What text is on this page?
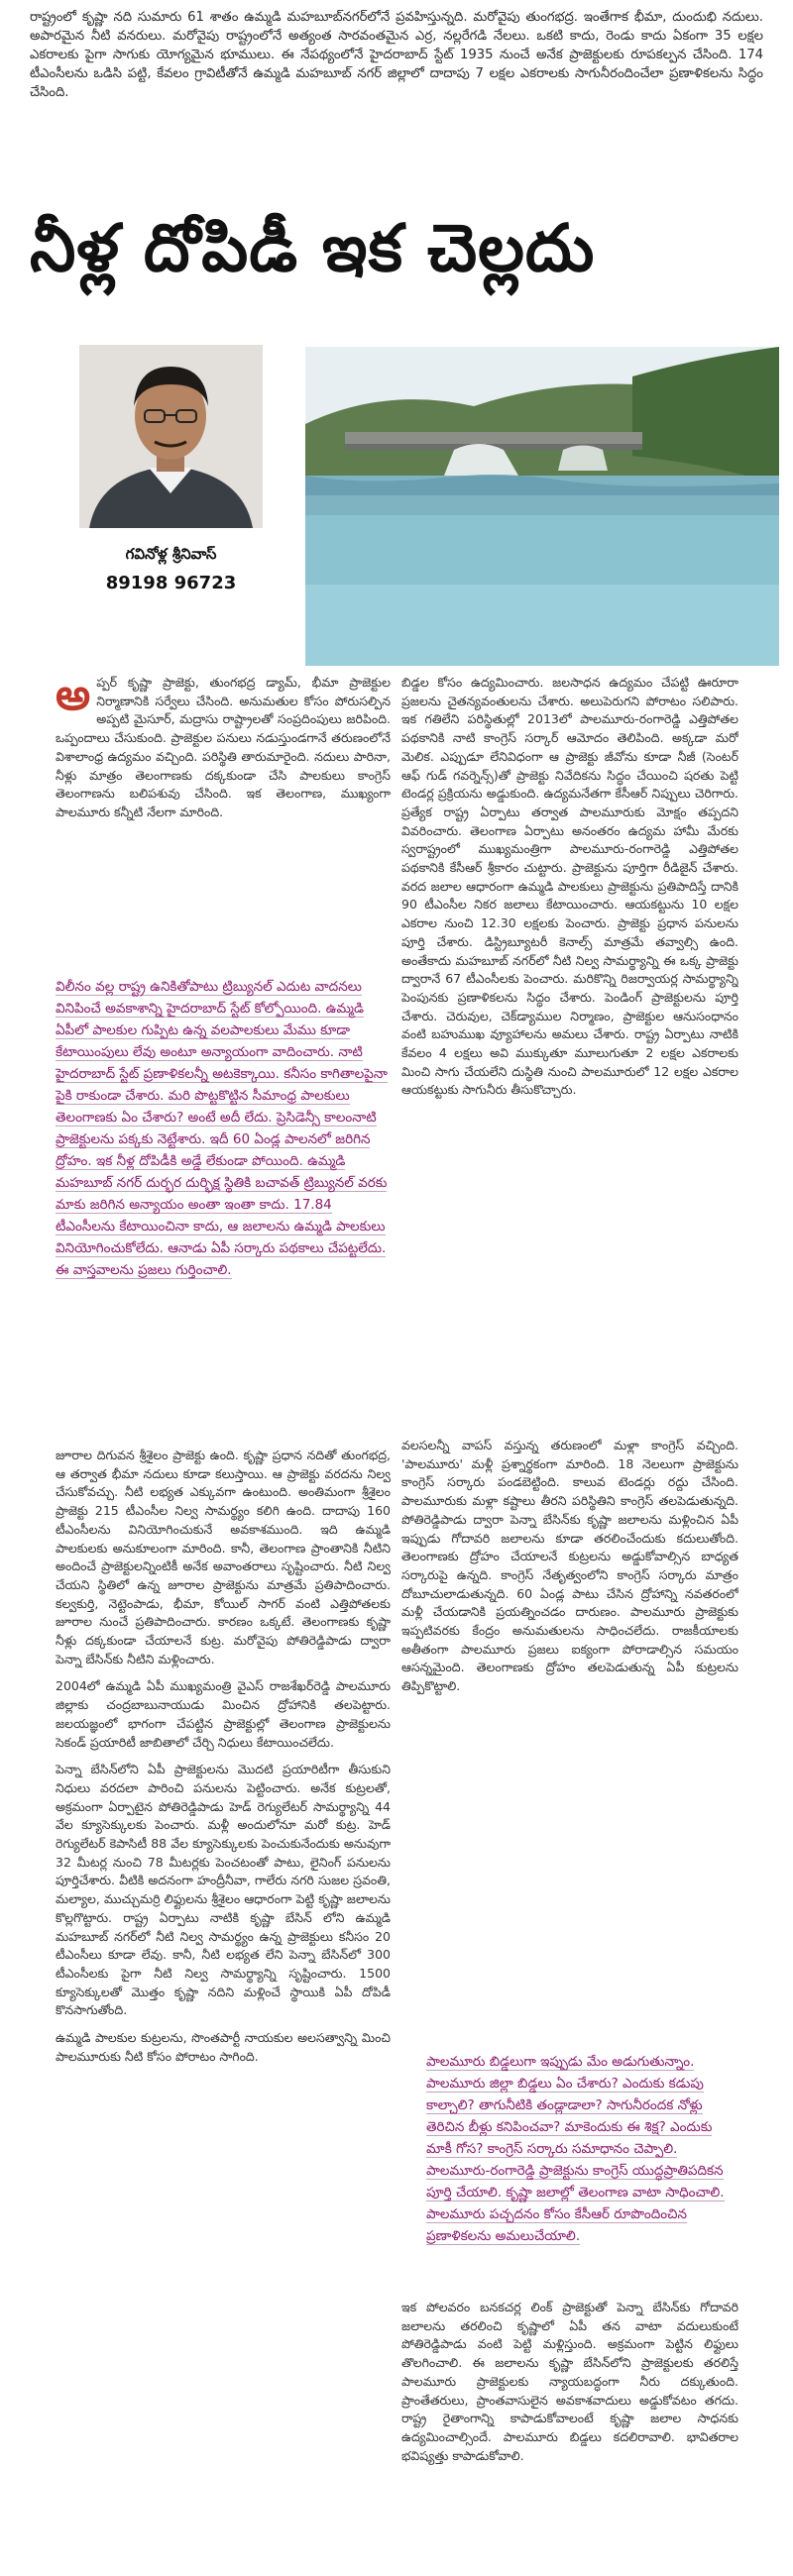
రాష్ట్రంలో కృష్ణా నది సుమారు 61 శాతం ఉమ్మడి మహబూబ్‌నగర్‌లోనే ప్రవహిస్తున్నది. మరోవైపు తుంగభద్ర. ఇంతేగాక భీమా, దుందుభి నదులు. అపారమైన నీటి వనరులు. మరోవైపు రాష్ట్రంలోనే అత్యంత సారవంతమైన ఎర్ర, నల్లరేగడి నేలలు. ఒకటి కాదు, రెండు కాదు ఏకంగా 35 లక్షల ఎకరాలకు పైగా సాగుకు యోగ్యమైన భూములు. ఈ నేపథ్యంలోనే హైదరాబాద్ స్టేట్ 1935 నుంచే అనేక ప్రాజెక్టులకు రూపకల్పన చేసింది. 174 టీఎంసీలను ఒడిసి పట్టి, కేవలం గ్రావిటీతోనే ఉమ్మడి మహబూబ్ నగర్ జిల్లాలో దాదాపు 7 లక్షల ఎకరాలకు సాగునీరందించేలా ప్రణాళికలను సిద్ధం చేసింది.

నీళ్ల దోపిడీ ఇక చెల్లదు
గవినోళ్ల శ్రీనివాస్
89198 96723
అ ప్పర్ కృష్ణా ప్రాజెక్టు, తుంగభద్ర డ్యామ్, భీమా ప్రాజెక్టుల నిర్మాణానికి సర్వేలు చేసింది. అనుమతుల కోసం పోరుసల్పిన అప్పటి మైసూర్, మద్రాసు రాష్ట్రాలతో సంప్రదింపులు జరిపింది. ఒప్పందాలు చేసుకుంది. ప్రాజెక్టుల పనులు నడుస్తుండగానే తరుణంలోనే విశాలాంధ్ర ఉద్యమం వచ్చింది. పరిస్థితి తారుమారైంది. నదులు పారినా, నీళ్లు మాత్రం తెలంగాణకు దక్కకుండా చేసి పాలకులు కాంగ్రెస్ తెలంగాణను బలిపశువు చేసింది. ఇక తెలంగాణ, ముఖ్యంగా పాలమూరు కన్నీటి నేలగా మారింది.
విలీనం వల్ల రాష్ట్ర ఉనికితోపాటు ట్రిబ్యునల్ ఎదుట వాదనలు వినిపించే అవకాశాన్ని హైదరాబాద్ స్టేట్ కోల్పోయింది. ఉమ్మడి ఏపీలో పాలకుల గుప్పిట ఉన్న వలపాలకులు మేము కూడా కేటాయింపులు లేవు అంటూ అన్యాయంగా వాదించారు. నాటి హైదరాబాద్ స్టేట్ ప్రణాళికలన్నీ అటకెక్కాయి. కనీసం కాగితాలపైనా పైకి రాకుండా చేశారు. మరి పొట్టకొట్టిన సీమాంధ్ర పాలకులు తెలంగాణకు ఏం చేశారు? అంటే అదీ లేదు. ప్రెసిడెన్సీ కాలంనాటి ప్రాజెక్టులను పక్కకు నెట్టేశారు. ఇదీ 60 ఏండ్ల పాలనలో జరిగిన ద్రోహం. ఇక నీళ్ల దోపిడీకి అడ్డే లేకుండా పోయింది. ఉమ్మడి మహబూబ్ నగర్ దుర్భర దుర్భిక్ష స్థితికి బచావత్ ట్రిబ్యునల్ వరకు మాకు జరిగిన అన్యాయం అంతా ఇంతా కాదు. 17.84 టీఎంసీలను కేటాయించినా కాదు, ఆ జలాలను ఉమ్మడి పాలకులు వినియోగించుకోలేదు. ఆనాడు ఏపీ సర్కారు పథకాలు చేపట్టలేదు. ఈ వాస్తవాలను ప్రజలు గుర్తించాలి.

జూరాల దిగువన శ్రీశైలం ప్రాజెక్టు ఉంది. కృష్ణా ప్రధాన నదితో తుంగభద్ర, ఆ తర్వాత భీమా నదులు కూడా కలుస్తాయి. ఆ ప్రాజెక్టు వరదను నిల్వ చేసుకోవచ్చు. నీటి లభ్యత ఎక్కువగా ఉంటుంది. అంతిమంగా శ్రీశైలం ప్రాజెక్టు 215 టీఎంసీల నిల్వ సామర్థ్యం కలిగి ఉంది. దాదాపు 160 టీఎంసీలను వినియోగించుకునే అవకాశముంది. ఇది ఉమ్మడి పాలకులకు అనుకూలంగా మారింది. కానీ, తెలంగాణ ప్రాంతానికి నీటిని అందించే ప్రాజెక్టులన్నింటికీ అనేక అవాంతరాలు సృష్టించారు. నీటి నిల్వ చేయని స్థితిలో ఉన్న జూరాల ప్రాజెక్టును మాత్రమే ప్రతిపాదించారు. కల్వకుర్తి, నెట్టెంపాడు, భీమా, కోయిల్ సాగర్ వంటి ఎత్తిపోతలకు జూరాల నుంచే ప్రతిపాదించారు. కారణం ఒక్కటే. తెలంగాణకు కృష్ణా నీళ్లు దక్కకుండా చేయాలనే కుట్ర. మరోవైపు పోతిరెడ్డిపాడు ద్వారా పెన్నా బేసిన్‌కు నీటిని మళ్లించారు.

2004లో ఉమ్మడి ఏపీ ముఖ్యమంత్రి వైఎస్ రాజశేఖర్‌రెడ్డి పాలమూరు జిల్లాకు చంద్రబాబునాయుడు మించిన ద్రోహానికి తలపెట్టారు. జలయజ్ఞంలో భాగంగా చేపట్టిన ప్రాజెక్టుల్లో తెలంగాణ ప్రాజెక్టులను సెకండ్ ప్రయారిటీ జాబితాలో చేర్చి నిధులు కేటాయించలేదు.

పెన్నా బేసిన్‌లోని ఏపీ ప్రాజెక్టులను మొదటి ప్రయారిటీగా తీసుకుని నిధులు వరదలా పారించి పనులను పెట్టించారు. అనేక కుట్రలతో, అక్రమంగా ఏర్పాటైన పోతిరెడ్డిపాడు హెడ్ రెగ్యులేటర్ సామర్థ్యాన్ని 44 వేల క్యూసెక్కులకు పెంచారు. మళ్లీ అందులోనూ మరో కుట్ర. హెడ్ రెగ్యులేటర్ కెపాసిటీ 88 వేల క్యూసెక్కులకు పెంచుకునేందుకు అనువుగా 32 మీటర్ల నుంచి 78 మీటర్లకు పెంచటంతో పాటు, లైనింగ్ పనులను పూర్తిచేశారు. వీటికి అదనంగా హంద్రీనీవా, గాలేరు నగరి సుజల స్రవంతి, మల్యాల, ముచ్చుమర్రి లిఫ్టులను శ్రీశైలం ఆధారంగా పెట్టి కృష్ణా జలాలను కొల్లగొట్టారు. రాష్ట్ర ఏర్పాటు నాటికి కృష్ణా బేసిన్ లోని ఉమ్మడి మహబూబ్ నగర్‌లో నీటి నిల్వ సామర్థ్యం ఉన్న ప్రాజెక్టులు కనీసం 20 టీఎంసీలు కూడా లేవు. కానీ, నీటి లభ్యత లేని పెన్నా బేసిన్‌లో 300 టీఎంసీలకు పైగా నీటి నిల్వ సామర్థ్యాన్ని సృష్టించారు. 1500 క్యూసెక్కులతో మొత్తం కృష్ణా నదిని మళ్లించే స్థాయికి ఏపీ దోపిడీ కొనసాగుతోంది.

ఉమ్మడి పాలకుల కుట్రలను, సొంతపార్టీ నాయకుల అలసత్వాన్ని మించి పాలమూరుకు నీటి కోసం పోరాటం సాగింది.

బిడ్డల కోసం ఉద్యమించారు. జలసాధన ఉద్యమం చేపట్టి ఊరూరా ప్రజలను చైతన్యవంతులను చేశారు. అలుపెరుగని పోరాటం సలిపారు. ఇక గతిలేని పరిస్థితుల్లో 2013లో పాలమూరు-రంగారెడ్డి ఎత్తిపోతల పథకానికి నాటి కాంగ్రెస్ సర్కార్ ఆమోదం తెలిపింది. అక్కడా మరో మెలిక. ఎప్పుడూ లేనివిధంగా ఆ ప్రాజెక్టు జీవోను కూడా నీజీ (సెంటర్ ఆఫ్ గుడ్ గవర్నెన్స్)తో ప్రాజెక్టు నివేదికను సిద్ధం చేయించి షరతు పెట్టి టెండర్ల ప్రక్రియను అడ్డుకుంది. ఉద్యమనేతగా కేసీఆర్ నిప్పులు చెరిగారు. ప్రత్యేక రాష్ట్ర ఏర్పాటు తర్వాత పాలమూరుకు మోక్షం తప్పదని వివరించారు. తెలంగాణ ఏర్పాటు అనంతరం ఉద్యమ హామీ మేరకు స్వరాష్ట్రంలో ముఖ్యమంత్రిగా పాలమూరు-రంగారెడ్డి ఎత్తిపోతల పథకానికి కేసీఆర్ శ్రీకారం చుట్టారు. ప్రాజెక్టును పూర్తిగా రీడిజైన్ చేశారు. వరద జలాల ఆధారంగా ఉమ్మడి పాలకులు ప్రాజెక్టును ప్రతిపాదిస్తే దానికి 90 టీఎంసీల నికర జలాలు కేటాయించారు. ఆయకట్టును 10 లక్షల ఎకరాల నుంచి 12.30 లక్షలకు పెంచారు. ప్రాజెక్టు ప్రధాన పనులను పూర్తి చేశారు. డిస్ట్రిబ్యూటరీ కెనాల్స్ మాత్రమే తవ్వాల్సి ఉంది. అంతేకాదు మహబూబ్ నగర్‌లో నీటి నిల్వ సామర్థ్యాన్ని ఈ ఒక్క ప్రాజెక్టు ద్వారానే 67 టీఎంసీలకు పెంచారు. మరికొన్ని రిజర్వాయర్ల సామర్థ్యాన్ని పెంపునకు ప్రణాళికలను సిద్ధం చేశారు. పెండింగ్ ప్రాజెక్టులను పూర్తి చేశారు. చెరువుల, చెక్‌డ్యాముల నిర్మాణం, ప్రాజెక్టుల ఆనుసంధానం వంటి బహుముఖ వ్యూహాలను అమలు చేశారు. రాష్ట్ర ఏర్పాటు నాటికి కేవలం 4 లక్షలు అవి ముక్కుతూ మూలుగుతూ 2 లక్షల ఎకరాలకు మించి సాగు చేయలేని దుస్థితి నుంచి పాలమూరులో 12 లక్షల ఎకరాల ఆయకట్టుకు సాగునీరు తీసుకొచ్చారు.

వలసలన్నీ వాపస్ వస్తున్న తరుణంలో మళ్లా కాంగ్రెస్ వచ్చింది. 'పాలమూరు' మళ్లీ ప్రశ్నార్థకంగా మారింది. 18 నెలలుగా ప్రాజెక్టును కాంగ్రెస్ సర్కారు పండబెట్టింది. కాలువ టెండర్లు రద్దు చేసింది. పాలమూరుకు మళ్లా కష్టాలు తీరని పరిస్థితిని కాంగ్రెస్ తలపెడుతున్నది. పోతిరెడ్డిపాడు ద్వారా పెన్నా బేసిన్‌కు కృష్ణా జలాలను మళ్లించిన ఏపీ ఇప్పుడు గోదావరి జలాలను కూడా తరలించేందుకు కదులుతోంది. తెలంగాణకు ద్రోహం చేయాలనే కుట్రలను అడ్డుకోవాల్సిన బాధ్యత సర్కారుపై ఉన్నది. కాంగ్రెస్ నేతృత్వంలోని కాంగ్రెస్ సర్కారు మాత్రం దోబూచులాడుతున్నది. 60 ఏండ్ల పాటు చేసిన ద్రోహాన్ని నవతరంలో మళ్లీ చేయడానికి ప్రయత్నించడం దారుణం. పాలమూరు ప్రాజెక్టుకు ఇప్పటివరకు కేంద్రం అనుమతులను సాధించలేదు. రాజకీయాలకు అతీతంగా పాలమూరు ప్రజలు ఐక్యంగా పోరాడాల్సిన సమయం ఆసన్నమైంది. తెలంగాణకు ద్రోహం తలపెడుతున్న ఏపీ కుట్రలను తిప్పికొట్టాలి.

పాలమూరు బిడ్డలుగా ఇప్పుడు మేం అడుగుతున్నాం. పాలమూరు జిల్లా బిడ్డలు ఏం చేశారు? ఎందుకు కడుపు కాల్చాలి? తాగునీటికి తండ్లాడాలా? సాగునీరందక నోళ్లు తెరిచిన బీళ్లు కనిపించవా? మాకెందుకు ఈ శిక్ష? ఎందుకు మాకీ గోస? కాంగ్రెస్ సర్కారు సమాధానం చెప్పాలి. పాలమూరు-రంగారెడ్డి ప్రాజెక్టును కాంగ్రెస్ యుద్ధప్రాతిపదికన పూర్తి చేయాలి. కృష్ణా జలాల్లో తెలంగాణ వాటా సాధించాలి. పాలమూరు పచ్చదనం కోసం కేసీఆర్ రూపొందించిన ప్రణాళికలను అమలుచేయాలి.

ఇక పోలవరం బనకచర్ల లింక్ ప్రాజెక్టుతో పెన్నా బేసిన్‌కు గోదావరి జలాలను తరలించి కృష్ణాలో ఏపీ తన వాటా వదులుకుంటే పోతిరెడ్డిపాడు వంటి పెట్టి మళ్లిస్తుంది. అక్రమంగా పెట్టిన లిఫ్టులు తొలగించాలి. ఈ జలాలను కృష్ణా బేసిన్‌లోని ప్రాజెక్టులకు తరలిస్తే పాలమూరు ప్రాజెక్టులకు న్యాయబద్ధంగా నీరు దక్కుతుంది. ప్రాంతేతరులు, ప్రాంతవాసులైన అవకాశవాదులు అడ్డుకోవటం తగదు. రాష్ట్ర రైతాంగాన్ని కాపాడుకోవాలంటే కృష్ణా జలాల సాధనకు ఉద్యమించాల్సిందే. పాలమూరు బిడ్డలు కదలిరావాలి. భావితరాల భవిష్యత్తు కాపాడుకోవాలి.
